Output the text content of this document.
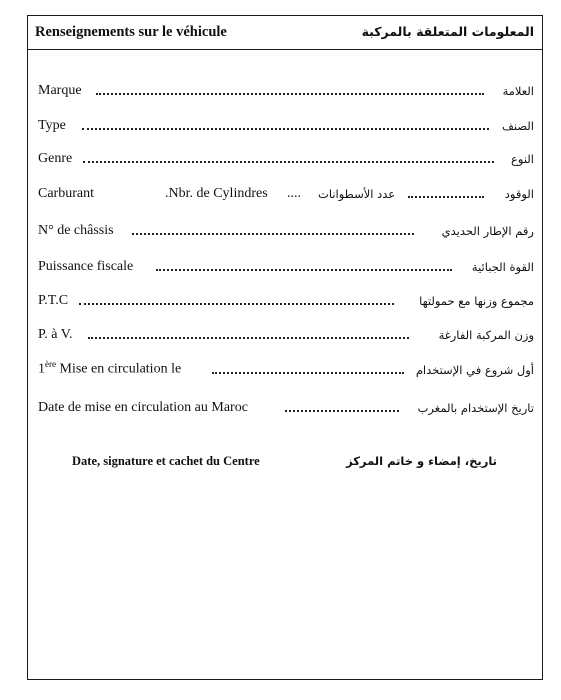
Renseignements sur le véhicule	المعلومات المتعلقة بالمركبة
Marque	العلامة
Type	الصنف
Genre	النوع
Carburant	.Nbr. de Cylindres .... عدد الأسطوانات	الوقود
N° de châssis	رقم الإطار الحديدي
Puissance fiscale	القوة الجبائية
P.T.C	مجموع وزنها مع حمولتها
P. à V.	وزن المركبة الفارغة
1ère Mise en circulation le	أول شروع في الإستخدام
Date de mise en circulation au Maroc	تاريخ الإستخدام بالمغرب
Date, signature et cachet du Centre	تاريخ، إمضاء و خاتم المركز
